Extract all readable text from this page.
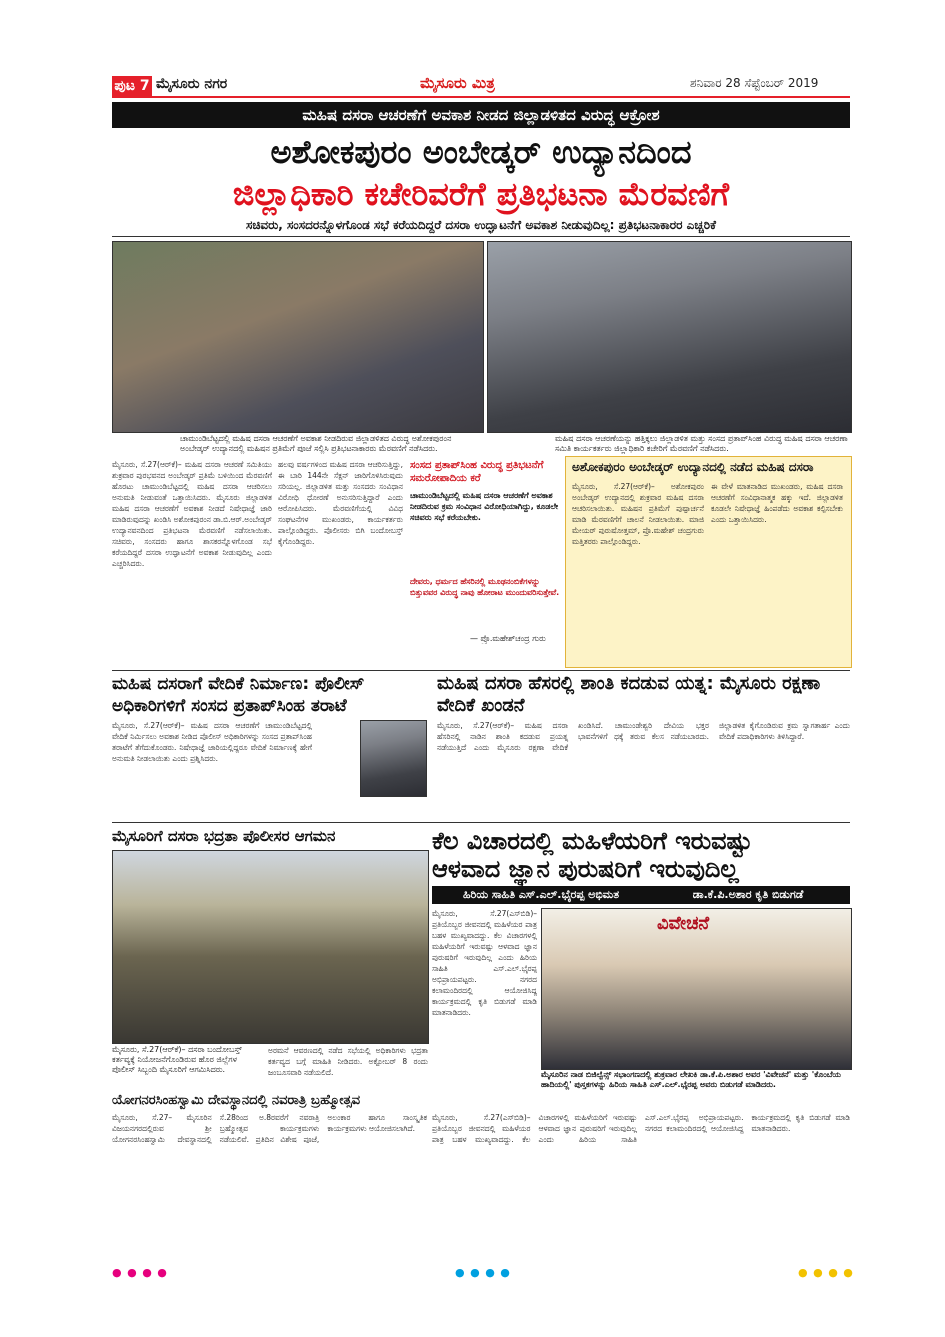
ಪುಟ 7 ಮೈಸೂರು ನಗರ	ಮೈಸೂರು ಮಿತ್ರ	ಶನಿವಾರ 28 ಸೆಪ್ಟೆಂಬರ್ 2019
ಮಹಿಷ ದಸರಾ ಆಚರಣೆಗೆ ಅವಕಾಶ ನೀಡದ ಜಿಲ್ಲಾಡಳಿತದ ವಿರುದ್ಧ ಆಕ್ರೋಶ
ಅಶೋಕಪುರಂ ಅಂಬೇಡ್ಕರ್ ಉದ್ಯಾನದಿಂದ
ಜಿಲ್ಲಾಧಿಕಾರಿ ಕಚೇರಿವರೆಗೆ ಪ್ರತಿಭಟನಾ ಮೆರವಣಿಗೆ
ಸಚಿವರು, ಸಂಸದರನ್ನೊಳಗೊಂಡ ಸಭೆ ಕರೆಯದಿದ್ದರೆ ದಸರಾ ಉದ್ಘಾಟನೆಗೆ ಅವಕಾಶ ನೀಡುವುದಿಲ್ಲ: ಪ್ರತಿಭಟನಾಕಾರರ ಎಚ್ಚರಿಕೆ
ಚಾಮುಂಡಿಬೆಟ್ಟದಲ್ಲಿ ಮಹಿಷ ದಸರಾ ಆಚರಣೆಗೆ ಅವಕಾಶ ನೀಡದಿರುವ ಜಿಲ್ಲಾಡಳಿತದ ವಿರುದ್ಧ ಅಶೋಕಪುರಂನ ಅಂಬೇಡ್ಕರ್ ಉದ್ಯಾನದಲ್ಲಿ ಮಹಿಷನ ಪ್ರತಿಮೆಗೆ ಪೂಜೆ ಸಲ್ಲಿಸಿ ಪ್ರತಿಭಟನಾಕಾರರು ಮೆರವಣಿಗೆ ನಡೆಸಿದರು.
ಮಹಿಷ ದಸರಾ ಆಚರಣೆಯನ್ನು ಹತ್ತಿಕ್ಕಲು ಜಿಲ್ಲಾಡಳಿತ ಮತ್ತು ಸಂಸದ ಪ್ರತಾಪ್‌ಸಿಂಹ ವಿರುದ್ಧ ಮಹಿಷ ದಸರಾ ಆಚರಣಾ ಸಮಿತಿ ಕಾರ್ಯಕರ್ತರು ಜಿಲ್ಲಾಧಿಕಾರಿ ಕಚೇರಿಗೆ ಮೆರವಣಿಗೆ ನಡೆಸಿದರು.
ಮೈಸೂರು, ಸೆ.27(ಆರ್‌ಕೆ)– ಮಹಿಷ ದಸರಾ ಆಚರಣೆ ಸಮಿತಿಯು ಶುಕ್ರವಾರ ಪುರಭವನದ ಅಂಬೇಡ್ಕರ್ ಪ್ರತಿಮೆ ಬಳಿಯಿಂದ ಮೆರವಣಿಗೆ ಹೊರಟು ಚಾಮುಂಡಿಬೆಟ್ಟದಲ್ಲಿ ಮಹಿಷ ದಸರಾ ಆಚರಿಸಲು ಅನುಮತಿ ನೀಡುವಂತೆ ಒತ್ತಾಯಿಸಿದರು. ಮೈಸೂರು ಜಿಲ್ಲಾಡಳಿತ ಮಹಿಷ ದಸರಾ ಆಚರಣೆಗೆ ಅವಕಾಶ ನೀಡದೆ ನಿಷೇಧಾಜ್ಞೆ ಜಾರಿ ಮಾಡಿರುವುದನ್ನು ಖಂಡಿಸಿ ಅಶೋಕಪುರಂನ ಡಾ.ಬಿ.ಆರ್.ಅಂಬೇಡ್ಕರ್ ಉದ್ಯಾನವನದಿಂದ ಪ್ರತಿಭಟನಾ ಮೆರವಣಿಗೆ ನಡೆಸಲಾಯಿತು. ಸಚಿವರು, ಸಂಸದರು ಹಾಗೂ ಶಾಸಕರನ್ನೊಳಗೊಂಡ ಸಭೆ ಕರೆಯದಿದ್ದರೆ ದಸರಾ ಉದ್ಘಾಟನೆಗೆ ಅವಕಾಶ ನೀಡುವುದಿಲ್ಲ ಎಂದು ಎಚ್ಚರಿಸಿದರು.
ಹಲವು ವರ್ಷಗಳಿಂದ ಮಹಿಷ ದಸರಾ ಆಚರಿಸುತ್ತಿದ್ದು, ಈ ಬಾರಿ 144ನೇ ಸೆಕ್ಷನ್ ಜಾರಿಗೊಳಿಸಿರುವುದು ಸರಿಯಲ್ಲ. ಜಿಲ್ಲಾಡಳಿತ ಮತ್ತು ಸಂಸದರು ಸಂವಿಧಾನ ವಿರೋಧಿ ಧೋರಣೆ ಅನುಸರಿಸುತ್ತಿದ್ದಾರೆ ಎಂದು ಆರೋಪಿಸಿದರು. ಮೆರವಣಿಗೆಯಲ್ಲಿ ವಿವಿಧ ಸಂಘಟನೆಗಳ ಮುಖಂಡರು, ಕಾರ್ಯಕರ್ತರು ಪಾಲ್ಗೊಂಡಿದ್ದರು. ಪೊಲೀಸರು ಬಿಗಿ ಬಂದೋಬಸ್ತ್ ಕೈಗೊಂಡಿದ್ದರು.
ಸಂಸದ ಪ್ರತಾಪ್‌ಸಿಂಹ ವಿರುದ್ಧ ಪ್ರತಿಭಟನೆಗೆ ಸಮರೋಪಾದಿಯ ಕರೆ
ಚಾಮುಂಡಿಬೆಟ್ಟದಲ್ಲಿ ಮಹಿಷ ದಸರಾ ಆಚರಣೆಗೆ ಅವಕಾಶ ನೀಡದಿರುವ ಕ್ರಮ ಸಂವಿಧಾನ ವಿರೋಧಿಯಾಗಿದ್ದು, ಕೂಡಲೇ ಸಚಿವರು ಸಭೆ ಕರೆಯಬೇಕು.
ದೇವರು, ಧರ್ಮದ ಹೆಸರಿನಲ್ಲಿ ಮೂಢನಂಬಿಕೆಗಳನ್ನು ಬಿತ್ತುವವರ ವಿರುದ್ಧ ನಾವು ಹೋರಾಟ ಮುಂದುವರಿಸುತ್ತೇವೆ.
— ಪ್ರೊ.ಮಹೇಶ್‌ಚಂದ್ರ ಗುರು
ಅಶೋಕಪುರಂ ಅಂಬೇಡ್ಕರ್ ಉದ್ಯಾನದಲ್ಲಿ ನಡೆದ ಮಹಿಷ ದಸರಾ
ಮೈಸೂರು, ಸೆ.27(ಆರ್‌ಕೆ)– ಅಶೋಕಪುರಂ ಅಂಬೇಡ್ಕರ್ ಉದ್ಯಾನದಲ್ಲಿ ಶುಕ್ರವಾರ ಮಹಿಷ ದಸರಾ ಆಚರಿಸಲಾಯಿತು. ಮಹಿಷನ ಪ್ರತಿಮೆಗೆ ಪುಷ್ಪಾರ್ಚನೆ ಮಾಡಿ ಮೆರವಣಿಗೆಗೆ ಚಾಲನೆ ನೀಡಲಾಯಿತು. ಮಾಜಿ ಮೇಯರ್ ಪುರುಷೋತ್ತಮ್, ಪ್ರೊ.ಮಹೇಶ್ ಚಂದ್ರಗುರು ಮತ್ತಿತರರು ಪಾಲ್ಗೊಂಡಿದ್ದರು.
ಈ ವೇಳೆ ಮಾತನಾಡಿದ ಮುಖಂಡರು, ಮಹಿಷ ದಸರಾ ಆಚರಣೆಗೆ ಸಂವಿಧಾನಾತ್ಮಕ ಹಕ್ಕು ಇದೆ. ಜಿಲ್ಲಾಡಳಿತ ಕೂಡಲೇ ನಿಷೇಧಾಜ್ಞೆ ಹಿಂಪಡೆದು ಅವಕಾಶ ಕಲ್ಪಿಸಬೇಕು ಎಂದು ಒತ್ತಾಯಿಸಿದರು.
ಮಹಿಷ ದಸರಾಗೆ ವೇದಿಕೆ ನಿರ್ಮಾಣ: ಪೊಲೀಸ್ ಅಧಿಕಾರಿಗಳಿಗೆ ಸಂಸದ ಪ್ರತಾಪ್‌ಸಿಂಹ ತರಾಟೆ
ಮೈಸೂರು, ಸೆ.27(ಆರ್‌ಕೆ)– ಮಹಿಷ ದಸರಾ ಆಚರಣೆಗೆ ಚಾಮುಂಡಿಬೆಟ್ಟದಲ್ಲಿ ವೇದಿಕೆ ನಿರ್ಮಿಸಲು ಅವಕಾಶ ನೀಡಿದ ಪೊಲೀಸ್ ಅಧಿಕಾರಿಗಳನ್ನು ಸಂಸದ ಪ್ರತಾಪ್‌ಸಿಂಹ ತರಾಟೆಗೆ ತೆಗೆದುಕೊಂಡರು. ನಿಷೇಧಾಜ್ಞೆ ಜಾರಿಯಲ್ಲಿದ್ದರೂ ವೇದಿಕೆ ನಿರ್ಮಾಣಕ್ಕೆ ಹೇಗೆ ಅನುಮತಿ ನೀಡಲಾಯಿತು ಎಂದು ಪ್ರಶ್ನಿಸಿದರು.
ಮಹಿಷ ದಸರಾ ಹೆಸರಲ್ಲಿ ಶಾಂತಿ ಕದಡುವ ಯತ್ನ: ಮೈಸೂರು ರಕ್ಷಣಾ ವೇದಿಕೆ ಖಂಡನೆ
ಮೈಸೂರು, ಸೆ.27(ಆರ್‌ಕೆ)– ಮಹಿಷ ದಸರಾ ಹೆಸರಿನಲ್ಲಿ ನಾಡಿನ ಶಾಂತಿ ಕದಡುವ ಪ್ರಯತ್ನ ನಡೆಯುತ್ತಿದೆ ಎಂದು ಮೈಸೂರು ರಕ್ಷಣಾ ವೇದಿಕೆ ಖಂಡಿಸಿದೆ. ಚಾಮುಂಡೇಶ್ವರಿ ದೇವಿಯ ಭಕ್ತರ ಭಾವನೆಗಳಿಗೆ ಧಕ್ಕೆ ತರುವ ಕೆಲಸ ನಡೆಯಬಾರದು. ಜಿಲ್ಲಾಡಳಿತ ಕೈಗೊಂಡಿರುವ ಕ್ರಮ ಸ್ವಾಗತಾರ್ಹ ಎಂದು ವೇದಿಕೆ ಪದಾಧಿಕಾರಿಗಳು ತಿಳಿಸಿದ್ದಾರೆ.
ಮೈಸೂರಿಗೆ ದಸರಾ ಭದ್ರತಾ ಪೊಲೀಸರ ಆಗಮನ
ಮೈಸೂರು, ಸೆ.27(ಆರ್‌ಕೆ)– ದಸರಾ ಬಂದೋಬಸ್ತ್ ಕರ್ತವ್ಯಕ್ಕೆ ನಿಯೋಜನೆಗೊಂಡಿರುವ ಹೊರ ಜಿಲ್ಲೆಗಳ ಪೊಲೀಸ್ ಸಿಬ್ಬಂದಿ ಮೈಸೂರಿಗೆ ಆಗಮಿಸಿದರು.
ಅರಮನೆ ಆವರಣದಲ್ಲಿ ನಡೆದ ಸಭೆಯಲ್ಲಿ ಅಧಿಕಾರಿಗಳು ಭದ್ರತಾ ಕರ್ತವ್ಯದ ಬಗ್ಗೆ ಮಾಹಿತಿ ನೀಡಿದರು. ಅಕ್ಟೋಬರ್ 8 ರಂದು ಜಂಬೂಸವಾರಿ ನಡೆಯಲಿದೆ.
ಯೋಗನರಸಿಂಹಸ್ವಾಮಿ ದೇವಸ್ಥಾನದಲ್ಲಿ ನವರಾತ್ರಿ ಬ್ರಹ್ಮೋತ್ಸವ
ಮೈಸೂರು, ಸೆ.27– ಮೈಸೂರಿನ ವಿಜಯನಗರದಲ್ಲಿರುವ ಶ್ರೀ ಯೋಗನರಸಿಂಹಸ್ವಾಮಿ ದೇವಸ್ಥಾನದಲ್ಲಿ ಸೆ.28ರಿಂದ ಅ.8ರವರೆಗೆ ನವರಾತ್ರಿ ಬ್ರಹ್ಮೋತ್ಸವ ಕಾರ್ಯಕ್ರಮಗಳು ನಡೆಯಲಿವೆ. ಪ್ರತಿದಿನ ವಿಶೇಷ ಪೂಜೆ, ಅಲಂಕಾರ ಹಾಗೂ ಸಾಂಸ್ಕೃತಿಕ ಕಾರ್ಯಕ್ರಮಗಳು ಆಯೋಜಿಸಲಾಗಿದೆ.
ಕೆಲ ವಿಚಾರದಲ್ಲಿ ಮಹಿಳೆಯರಿಗೆ ಇರುವಷ್ಟು
ಆಳವಾದ ಜ್ಞಾನ ಪುರುಷರಿಗೆ ಇರುವುದಿಲ್ಲ
ಹಿರಿಯ ಸಾಹಿತಿ ಎಸ್.ಎಲ್.ಭೈರಪ್ಪ ಅಭಿಮತ	ಡಾ.ಕೆ.ಪಿ.ಅಶಾರ ಕೃತಿ ಬಿಡುಗಡೆ
ಮೈಸೂರು, ಸೆ.27(ಎಸ್‌ಬಿಡಿ)– ಪ್ರತಿಯೊಬ್ಬರ ಜೀವನದಲ್ಲಿ ಮಹಿಳೆಯರ ಪಾತ್ರ ಬಹಳ ಮುಖ್ಯವಾದದ್ದು. ಕೆಲ ವಿಚಾರಗಳಲ್ಲಿ ಮಹಿಳೆಯರಿಗೆ ಇರುವಷ್ಟು ಆಳವಾದ ಜ್ಞಾನ ಪುರುಷರಿಗೆ ಇರುವುದಿಲ್ಲ ಎಂದು ಹಿರಿಯ ಸಾಹಿತಿ ಎಸ್.ಎಲ್.ಭೈರಪ್ಪ ಅಭಿಪ್ರಾಯಪಟ್ಟರು. ನಗರದ ಕಲಾಮಂದಿರದಲ್ಲಿ ಆಯೋಜಿಸಿದ್ದ ಕಾರ್ಯಕ್ರಮದಲ್ಲಿ ಕೃತಿ ಬಿಡುಗಡೆ ಮಾಡಿ ಮಾತನಾಡಿದರು.
ವಿವೇಚನೆ
ಮೈಸೂರಿನ ನಾಡ ಬಿಜಿಲ್ವೆನ್ಸ್ ಸಭಾಂಗಣದಲ್ಲಿ ಶುಕ್ರವಾರ ಲೇಖಕಿ ಡಾ.ಕೆ.ಪಿ.ಅಶಾರ ಅವರ 'ವಿವೇಚನೆ' ಮತ್ತು 'ಕೊಂಬೆಯ ಹಾದಿಯಲ್ಲಿ' ಪುಸ್ತಕಗಳನ್ನು ಹಿರಿಯ ಸಾಹಿತಿ ಎಸ್.ಎಲ್.ಭೈರಪ್ಪ ಅವರು ಬಿಡುಗಡೆ ಮಾಡಿದರು.
ಮೈಸೂರು, ಸೆ.27(ಎಸ್‌ಬಿಡಿ)– ಪ್ರತಿಯೊಬ್ಬರ ಜೀವನದಲ್ಲಿ ಮಹಿಳೆಯರ ಪಾತ್ರ ಬಹಳ ಮುಖ್ಯವಾದದ್ದು. ಕೆಲ ವಿಚಾರಗಳಲ್ಲಿ ಮಹಿಳೆಯರಿಗೆ ಇರುವಷ್ಟು ಆಳವಾದ ಜ್ಞಾನ ಪುರುಷರಿಗೆ ಇರುವುದಿಲ್ಲ ಎಂದು ಹಿರಿಯ ಸಾಹಿತಿ ಎಸ್.ಎಲ್.ಭೈರಪ್ಪ ಅಭಿಪ್ರಾಯಪಟ್ಟರು. ನಗರದ ಕಲಾಮಂದಿರದಲ್ಲಿ ಆಯೋಜಿಸಿದ್ದ ಕಾರ್ಯಕ್ರಮದಲ್ಲಿ ಕೃತಿ ಬಿಡುಗಡೆ ಮಾಡಿ ಮಾತನಾಡಿದರು.
● ● ● ●	● ● ● ●	● ● ● ●
